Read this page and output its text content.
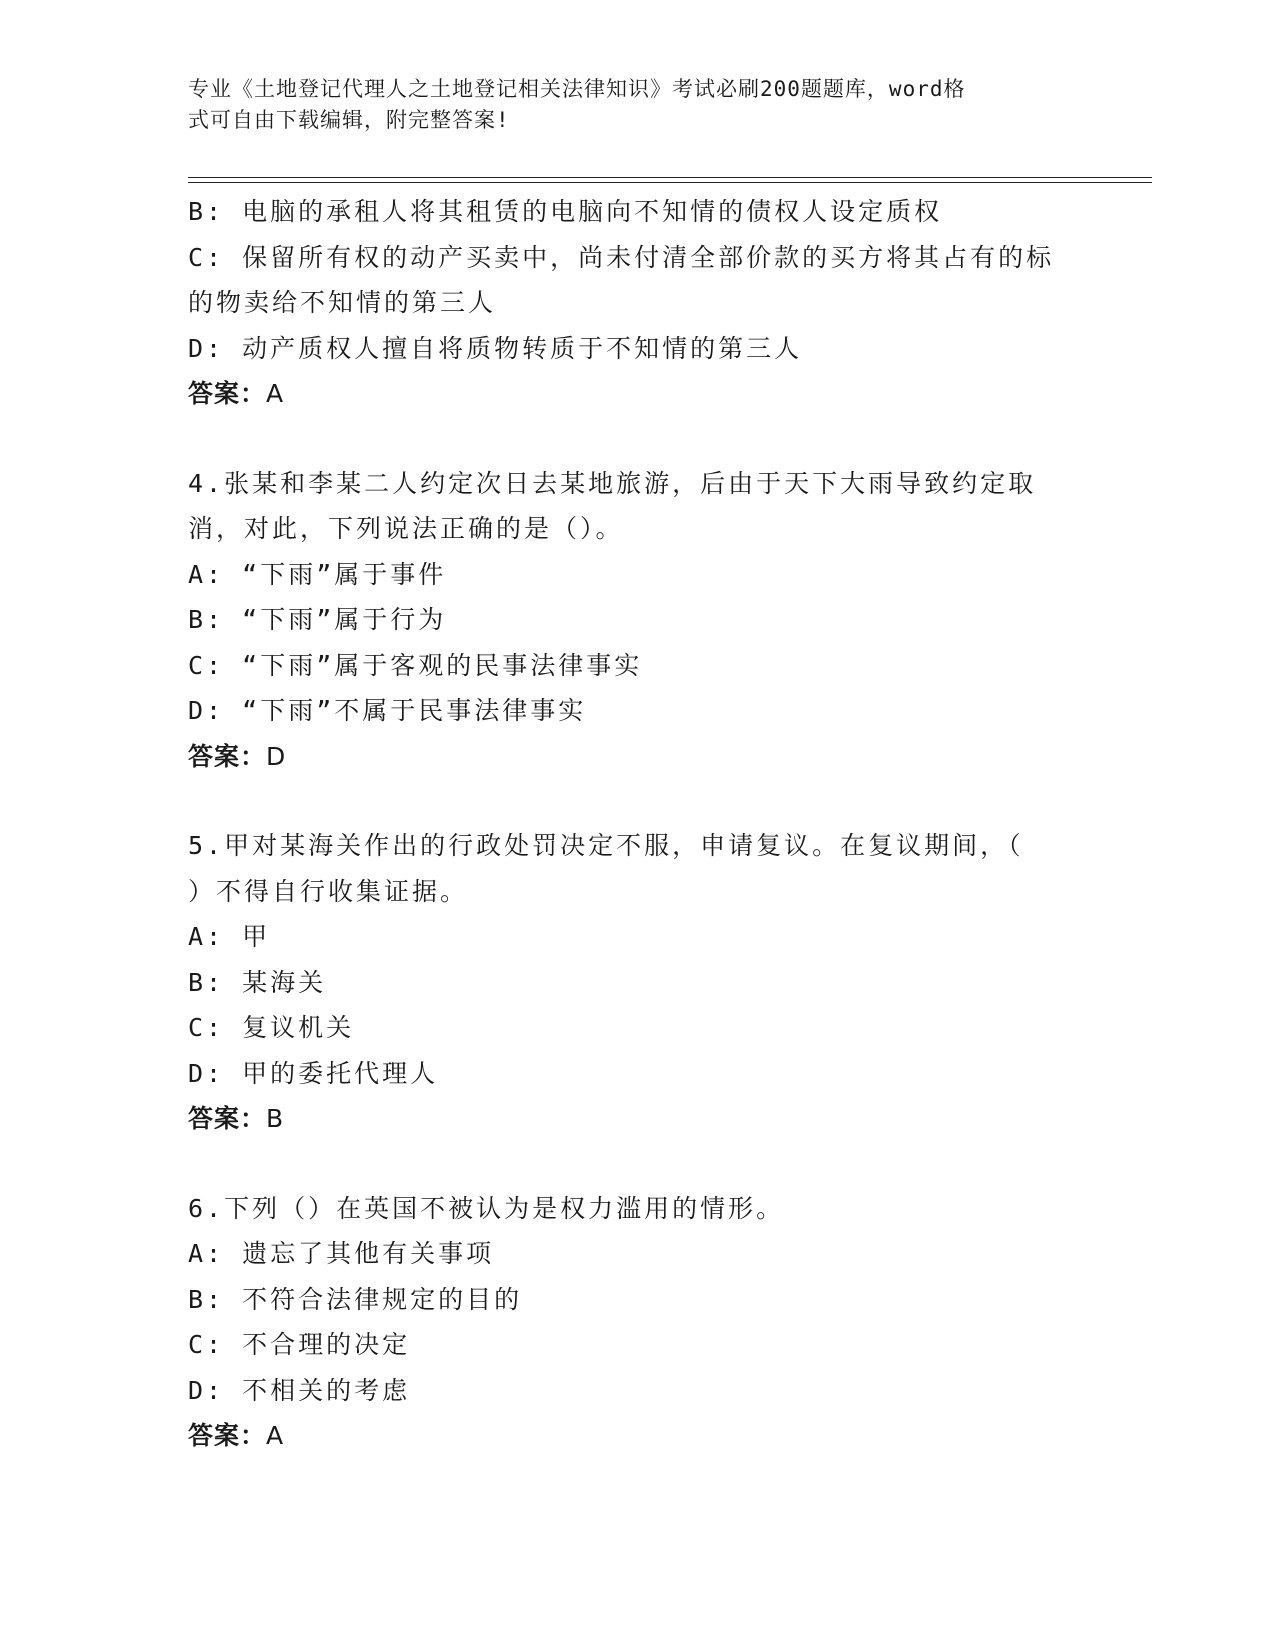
专业《土地登记代理人之土地登记相关法律知识》考试必刷200题题库，word格
式可自由下载编辑，附完整答案!

B: 电脑的承租人将其租赁的电脑向不知情的债权人设定质权

C: 保留所有权的动产买卖中，尚未付清全部价款的买方将其占有的标

的物卖给不知情的第三人

D: 动产质权人擅自将质物转质于不知情的第三人

答案：A

4.张某和李某二人约定次日去某地旅游，后由于天下大雨导致约定取

消，对此，下列说法正确的是（）。

A: “下雨”属于事件

B: “下雨”属于行为

C: “下雨”属于客观的民事法律事实

D: “下雨”不属于民事法律事实

答案：D

5.甲对某海关作出的行政处罚决定不服，申请复议。在复议期间，（

）不得自行收集证据。

A: 甲

B: 某海关

C: 复议机关

D: 甲的委托代理人

答案：B

6.下列（）在英国不被认为是权力滥用的情形。

A: 遗忘了其他有关事项

B: 不符合法律规定的目的

C: 不合理的决定

D: 不相关的考虑

答案：A
